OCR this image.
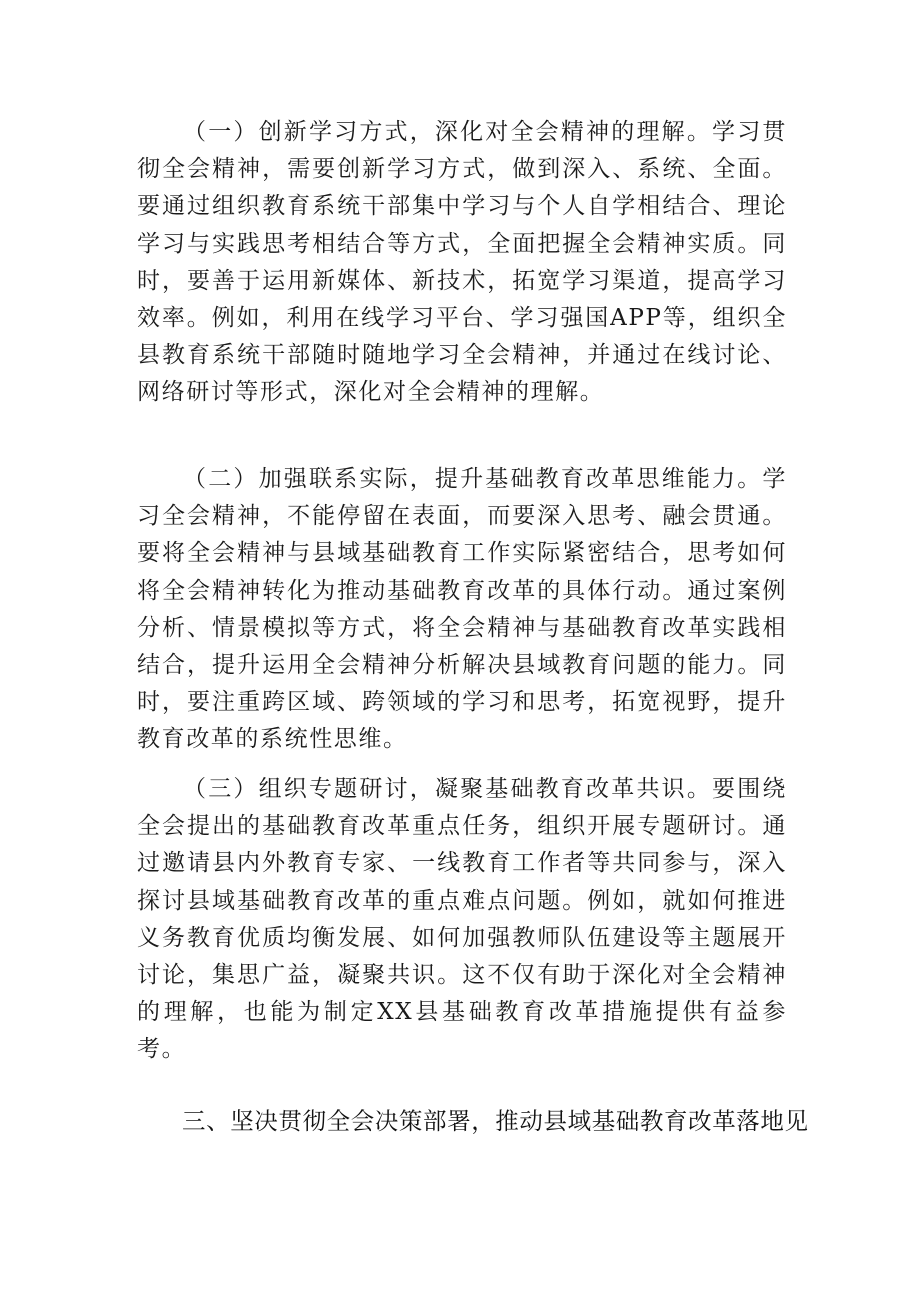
（一）创新学习方式，深化对全会精神的理解。学习贯彻全会精神，需要创新学习方式，做到深入、系统、全面。要通过组织教育系统干部集中学习与个人自学相结合、理论学习与实践思考相结合等方式，全面把握全会精神实质。同时，要善于运用新媒体、新技术，拓宽学习渠道，提高学习效率。例如，利用在线学习平台、学习强国APP等，组织全县教育系统干部随时随地学习全会精神，并通过在线讨论、网络研讨等形式，深化对全会精神的理解。

（二）加强联系实际，提升基础教育改革思维能力。学习全会精神，不能停留在表面，而要深入思考、融会贯通。要将全会精神与县域基础教育工作实际紧密结合，思考如何将全会精神转化为推动基础教育改革的具体行动。通过案例分析、情景模拟等方式，将全会精神与基础教育改革实践相结合，提升运用全会精神分析解决县域教育问题的能力。同时，要注重跨区域、跨领域的学习和思考，拓宽视野，提升教育改革的系统性思维。

（三）组织专题研讨，凝聚基础教育改革共识。要围绕全会提出的基础教育改革重点任务，组织开展专题研讨。通过邀请县内外教育专家、一线教育工作者等共同参与，深入探讨县域基础教育改革的重点难点问题。例如，就如何推进义务教育优质均衡发展、如何加强教师队伍建设等主题展开讨论，集思广益，凝聚共识。这不仅有助于深化对全会精神的理解，也能为制定XX县基础教育改革措施提供有益参考。

三、坚决贯彻全会决策部署，推动县域基础教育改革落地见
